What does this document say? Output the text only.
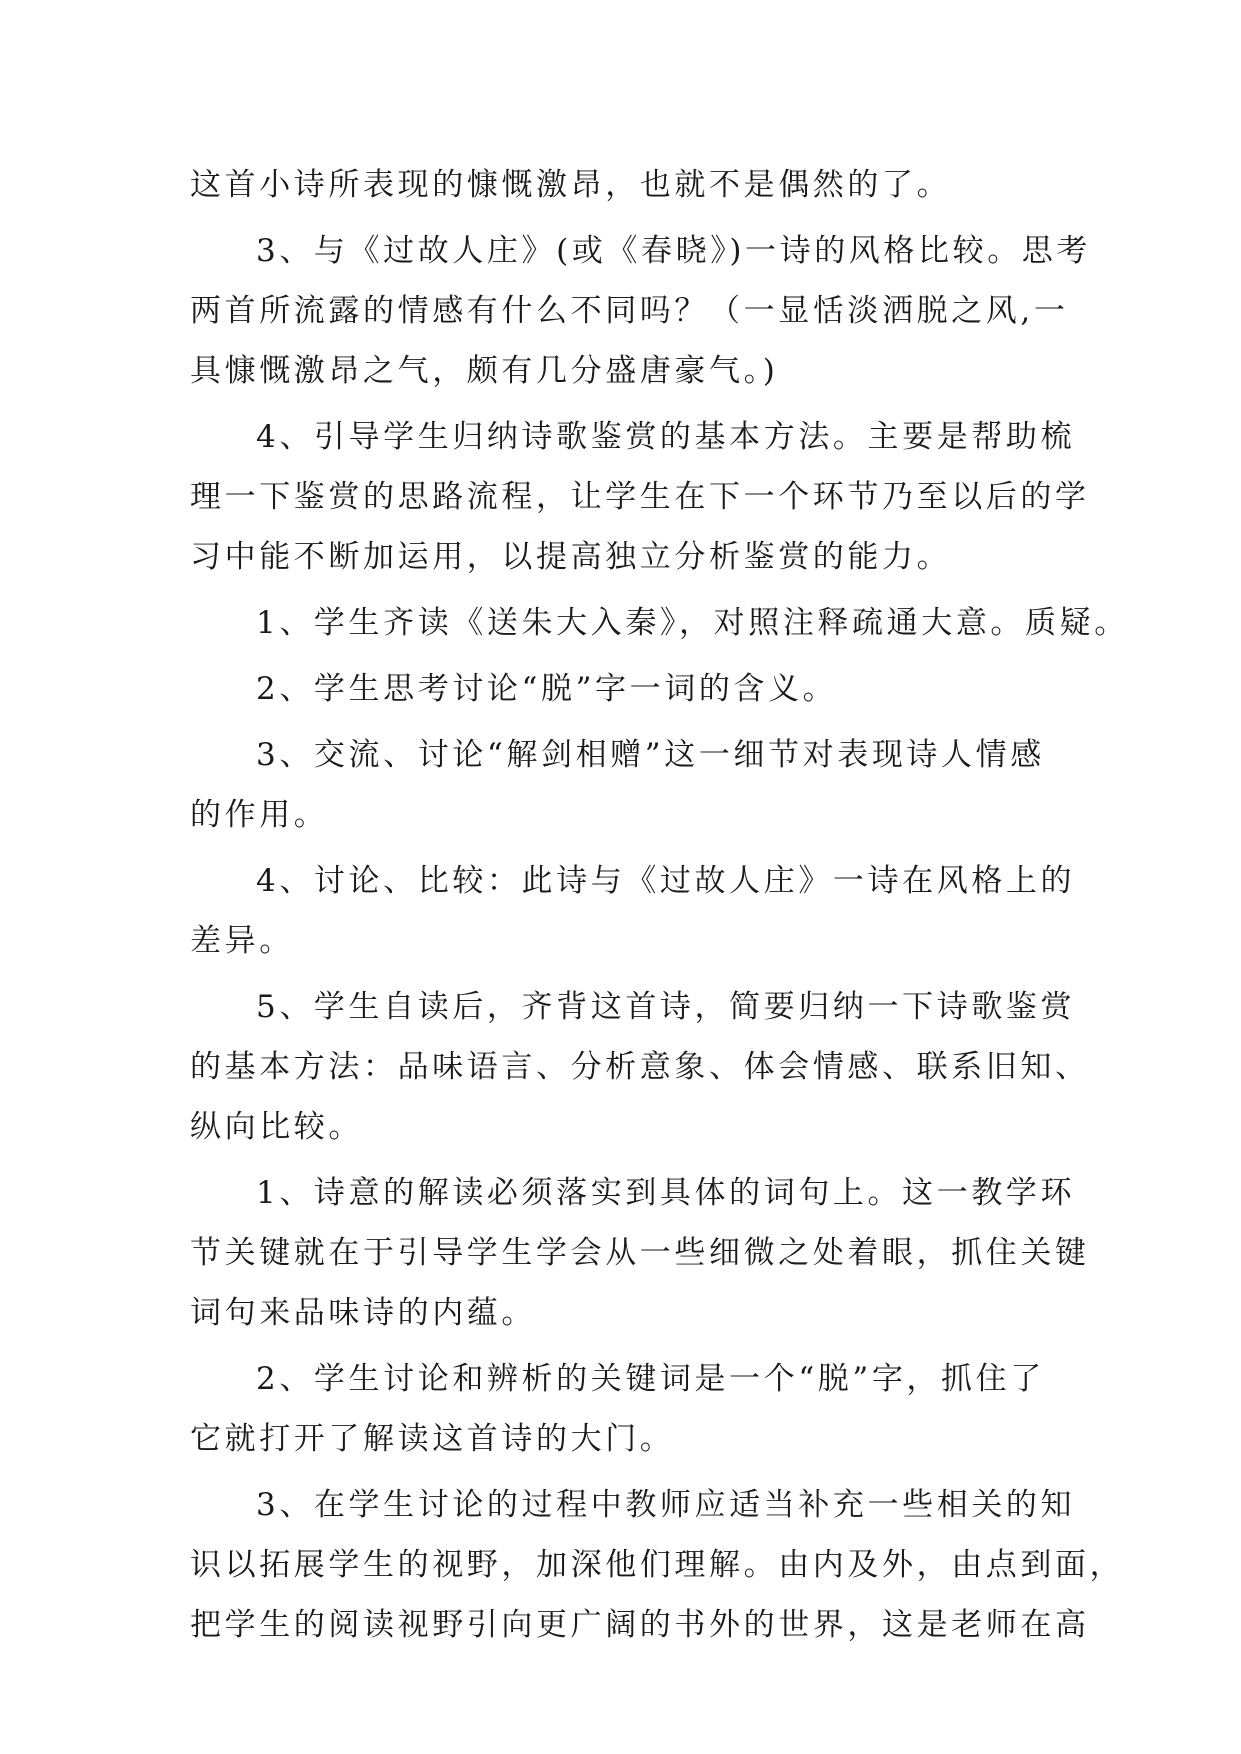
这首小诗所表现的慷慨激昂，也就不是偶然的了。
3、与《过故人庄》(或《春晓》)一诗的风格比较。思考
两首所流露的情感有什么不同吗？（一显恬淡洒脱之风,一
具慷慨激昂之气，颇有几分盛唐豪气。)
4、引导学生归纳诗歌鉴赏的基本方法。主要是帮助梳
理一下鉴赏的思路流程，让学生在下一个环节乃至以后的学
习中能不断加运用，以提高独立分析鉴赏的能力。
1、学生齐读《送朱大入秦》，对照注释疏通大意。质疑。
2、学生思考讨论“脱”字一词的含义。
3、交流、讨论“解剑相赠”这一细节对表现诗人情感
的作用。
4、讨论、比较：此诗与《过故人庄》一诗在风格上的
差异。
5、学生自读后，齐背这首诗，简要归纳一下诗歌鉴赏
的基本方法：品味语言、分析意象、体会情感、联系旧知、
纵向比较。
1、诗意的解读必须落实到具体的词句上。这一教学环
节关键就在于引导学生学会从一些细微之处着眼，抓住关键
词句来品味诗的内蕴。
2、学生讨论和辨析的关键词是一个“脱”字，抓住了
它就打开了解读这首诗的大门。
3、在学生讨论的过程中教师应适当补充一些相关的知
识以拓展学生的视野，加深他们理解。由内及外，由点到面，
把学生的阅读视野引向更广阔的书外的世界，这是老师在高
